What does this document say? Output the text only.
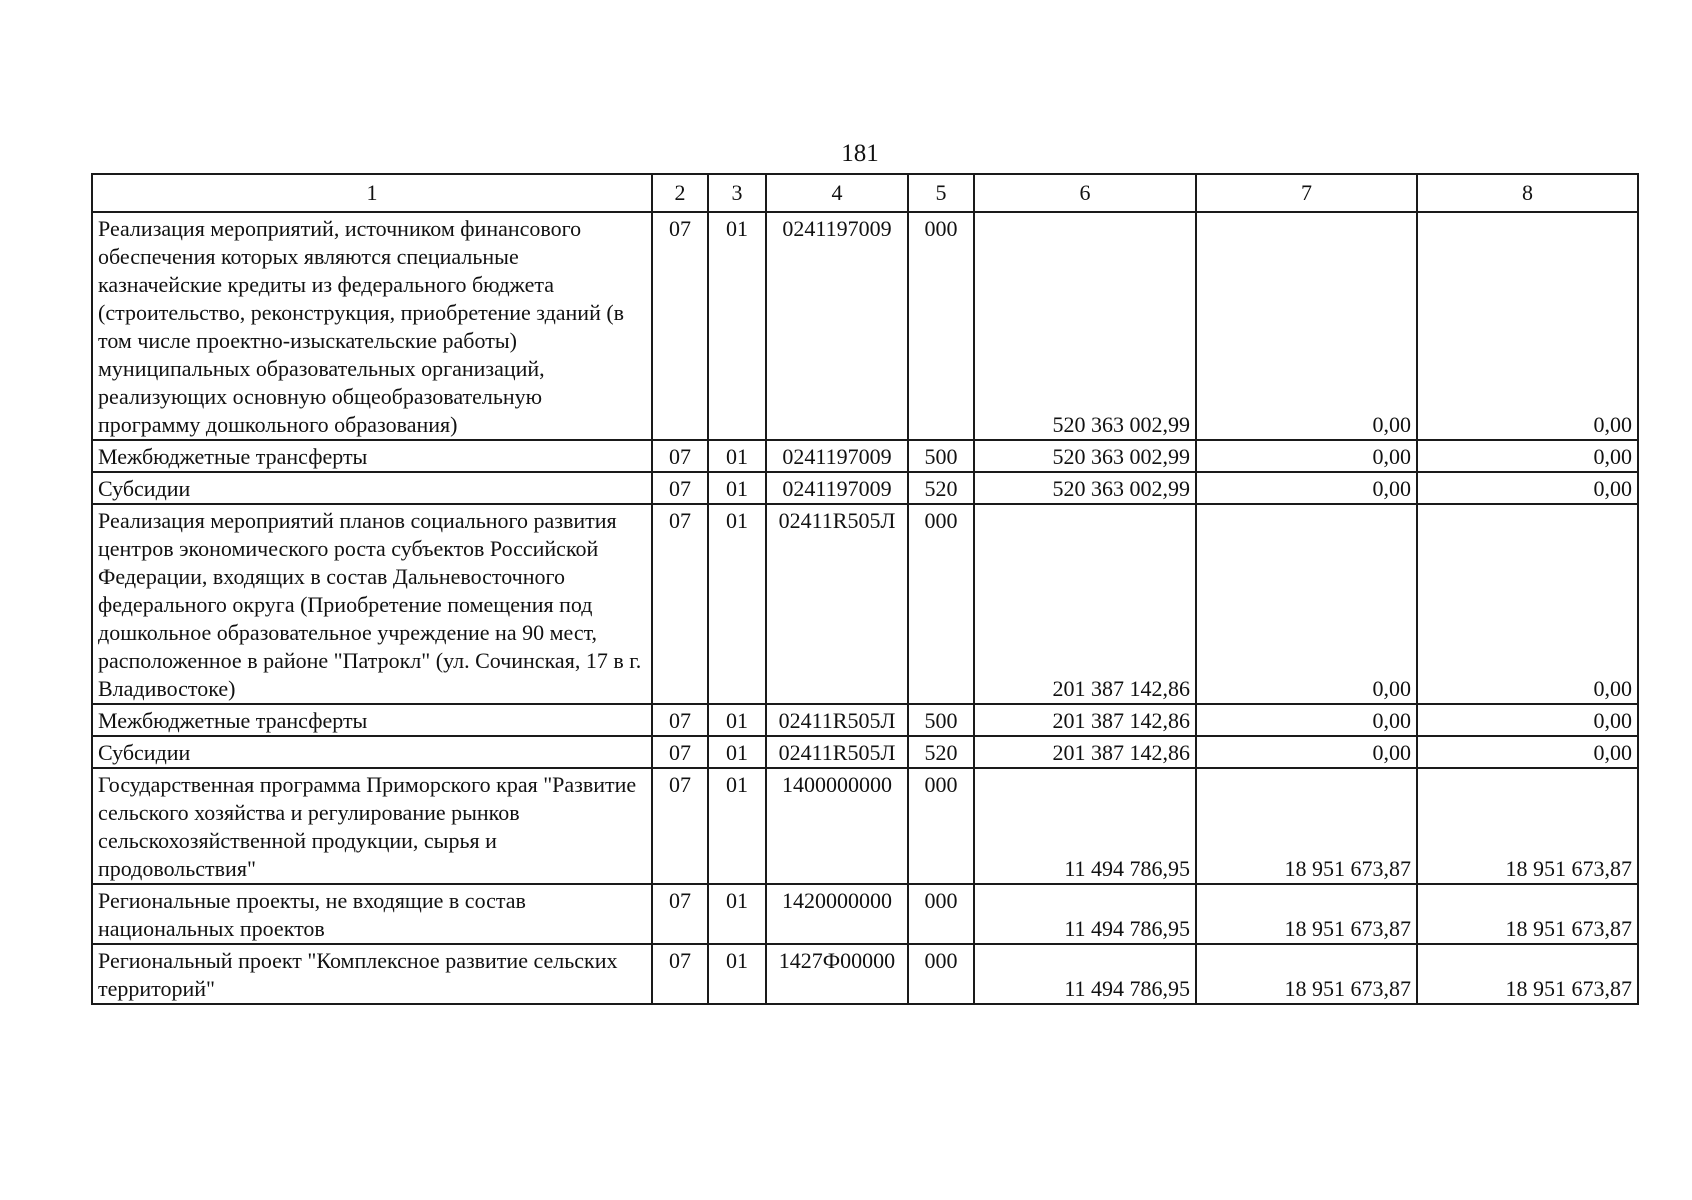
181
1	2	3	4	5	6	7	8
Реализация мероприятий, источником финансового обеспечения которых являются специальные казначейские кредиты из федерального бюджета (строительство, реконструкция, приобретение зданий (в том числе проектно-изыскательские работы) муниципальных образовательных организаций, реализующих основную общеобразовательную программу дошкольного образования)	07	01	0241197009	000	520 363 002,99	0,00	0,00
Межбюджетные трансферты	07	01	0241197009	500	520 363 002,99	0,00	0,00
Субсидии	07	01	0241197009	520	520 363 002,99	0,00	0,00
Реализация мероприятий планов социального развития центров экономического роста субъектов Российской Федерации, входящих в состав Дальневосточного федерального округа (Приобретение помещения под дошкольное образовательное учреждение на 90 мест, расположенное в районе "Патрокл" (ул. Сочинская, 17 в г. Владивостоке)	07	01	02411R505Л	000	201 387 142,86	0,00	0,00
Межбюджетные трансферты	07	01	02411R505Л	500	201 387 142,86	0,00	0,00
Субсидии	07	01	02411R505Л	520	201 387 142,86	0,00	0,00
Государственная программа Приморского края "Развитие сельского хозяйства и регулирование рынков сельскохозяйственной продукции, сырья и продовольствия"	07	01	1400000000	000	11 494 786,95	18 951 673,87	18 951 673,87
Региональные проекты, не входящие в состав национальных проектов	07	01	1420000000	000	11 494 786,95	18 951 673,87	18 951 673,87
Региональный проект "Комплексное развитие сельских территорий"	07	01	1427Ф00000	000	11 494 786,95	18 951 673,87	18 951 673,87
